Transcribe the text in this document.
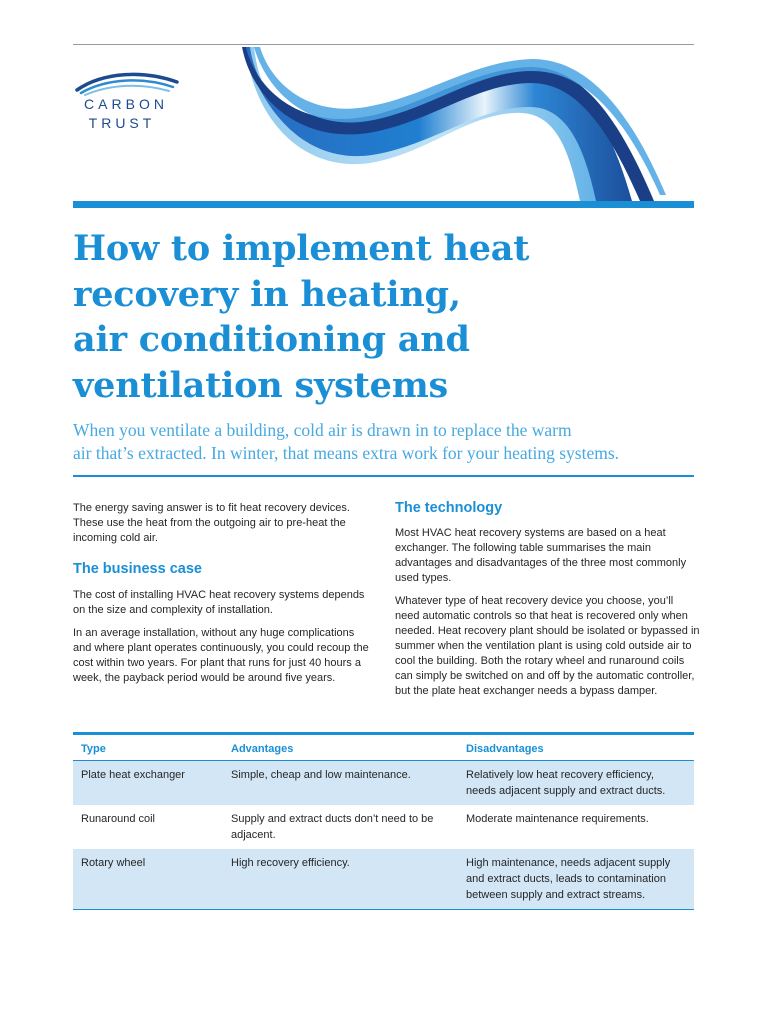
CARBON
TRUST
How to implement heat
recovery in heating,
air conditioning and
ventilation systems

When you ventilate a building, cold air is drawn in to replace the warm
air that’s extracted. In winter, that means extra work for your heating systems.

The energy saving answer is to fit heat recovery devices. These use the heat from the outgoing air to pre-heat the incoming cold air.

The business case

The cost of installing HVAC heat recovery systems depends on the size and complexity of installation.

In an average installation, without any huge complications and where plant operates continuously, you could recoup the cost within two years. For plant that runs for just 40 hours a week, the payback period would be around five years.

The technology

Most HVAC heat recovery systems are based on a heat exchanger. The following table summarises the main advantages and disadvantages of the three most commonly used types.

Whatever type of heat recovery device you choose, you’ll need automatic controls so that heat is recovered only when needed. Heat recovery plant should be isolated or bypassed in summer when the ventilation plant is using cold outside air to cool the building. Both the rotary wheel and runaround coils can simply be switched on and off by the automatic controller, but the plate heat exchanger needs a bypass damper.

Type	Advantages	Disadvantages
Plate heat exchanger	Simple, cheap and low maintenance.	Relatively low heat recovery efficiency, needs adjacent supply and extract ducts.
Runaround coil	Supply and extract ducts don’t need to be adjacent.	Moderate maintenance requirements.
Rotary wheel	High recovery efficiency.	High maintenance, needs adjacent supply and extract ducts, leads to contamination between supply and extract streams.
